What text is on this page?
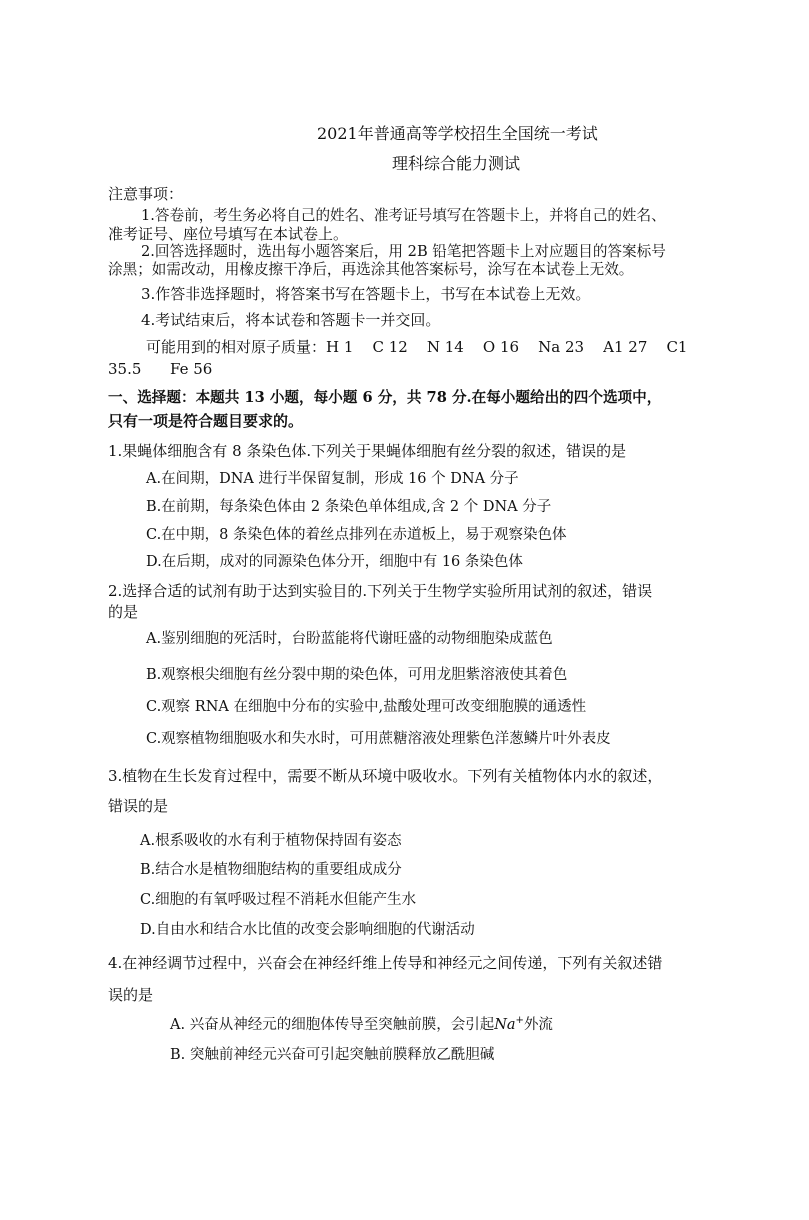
2021年普通高等学校招生全国统一考试
理科综合能力测试
注意事项：
1.答卷前，考生务必将自己的姓名、准考证号填写在答题卡上，并将自己的姓名、
准考证号、座位号填写在本试卷上。
2.回答选择题时，选出每小题答案后，用 2B 铅笔把答题卡上对应题目的答案标号
涂黑；如需改动，用橡皮擦干净后，再选涂其他答案标号，涂写在本试卷上无效。
3.作答非选择题时，将答案书写在答题卡上，书写在本试卷上无效。
4.考试结束后，将本试卷和答题卡一并交回。
可能用到的相对原子质量：H 1    C 12    N 14    O 16    Na 23    A1 27    C1
35.5      Fe 56
一、选择题：本题共 13 小题，每小题 6 分，共 78 分.在每小题给出的四个选项中，
只有一项是符合题目要求的。
1.果蝇体细胞含有 8 条染色体.下列关于果蝇体细胞有丝分裂的叙述，错误的是
A.在间期，DNA 进行半保留复制，形成 16 个 DNA 分子
B.在前期，每条染色体由 2 条染色单体组成,含 2 个 DNA 分子
C.在中期，8 条染色体的着丝点排列在赤道板上，易于观察染色体
D.在后期，成对的同源染色体分开，细胞中有 16 条染色体
2.选择合适的试剂有助于达到实验目的.下列关于生物学实验所用试剂的叙述，错误
的是
A.鉴别细胞的死活时，台盼蓝能将代谢旺盛的动物细胞染成蓝色
B.观察根尖细胞有丝分裂中期的染色体，可用龙胆紫溶液使其着色
C.观察 RNA 在细胞中分布的实验中,盐酸处理可改变细胞膜的通透性
C.观察植物细胞吸水和失水时，可用蔗糖溶液处理紫色洋葱鳞片叶外表皮
3.植物在生长发育过程中，需要不断从环境中吸收水。下列有关植物体内水的叙述，
错误的是
A.根系吸收的水有利于植物保持固有姿态
B.结合水是植物细胞结构的重要组成成分
C.细胞的有氧呼吸过程不消耗水但能产生水
D.自由水和结合水比值的改变会影响细胞的代谢活动
4.在神经调节过程中，兴奋会在神经纤维上传导和神经元之间传递，下列有关叙述错
误的是
A. 兴奋从神经元的细胞体传导至突触前膜，会引起Na+外流
B. 突触前神经元兴奋可引起突触前膜释放乙酰胆碱
